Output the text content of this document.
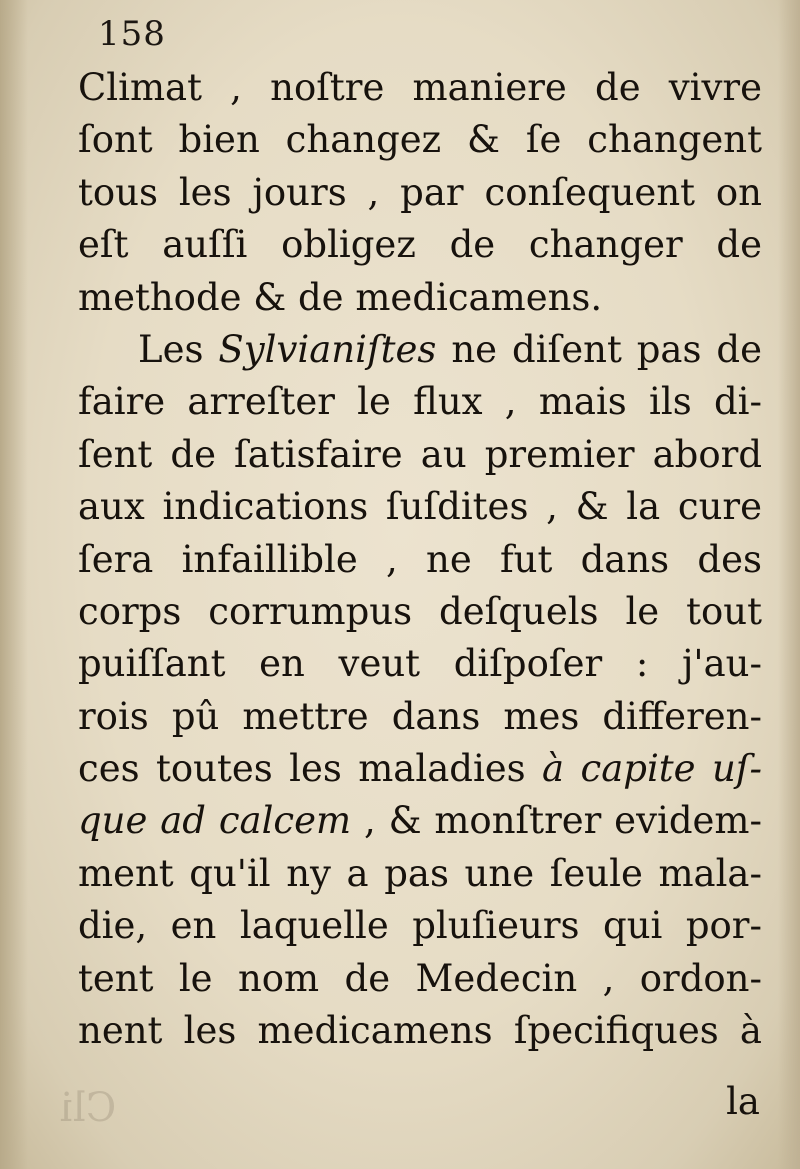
158
Climat , noſtre maniere de vivre
ſont bien changez & ſe changent
tous les jours , par conſequent on
eſt auſſi obligez de changer de
methode & de medicamens.
Les Sylvianiſtes ne diſent pas de
faire arreſter le flux , mais ils di-
ſent de ſatisfaire au premier abord
aux indications ſuſdites , & la cure
ſera infaillible , ne fut dans des
corps corrumpus deſquels le tout
puiſſant en veut diſpoſer : j'au-
rois pû mettre dans mes differen-
ces toutes les maladies à capite uſ-
que ad calcem , & monſtrer evidem-
ment qu'il ny a pas une ſeule mala-
die, en laquelle pluſieurs qui por-
tent le nom de Medecin , ordon-
nent les medicamens ſpecifiques à
la
Cli
